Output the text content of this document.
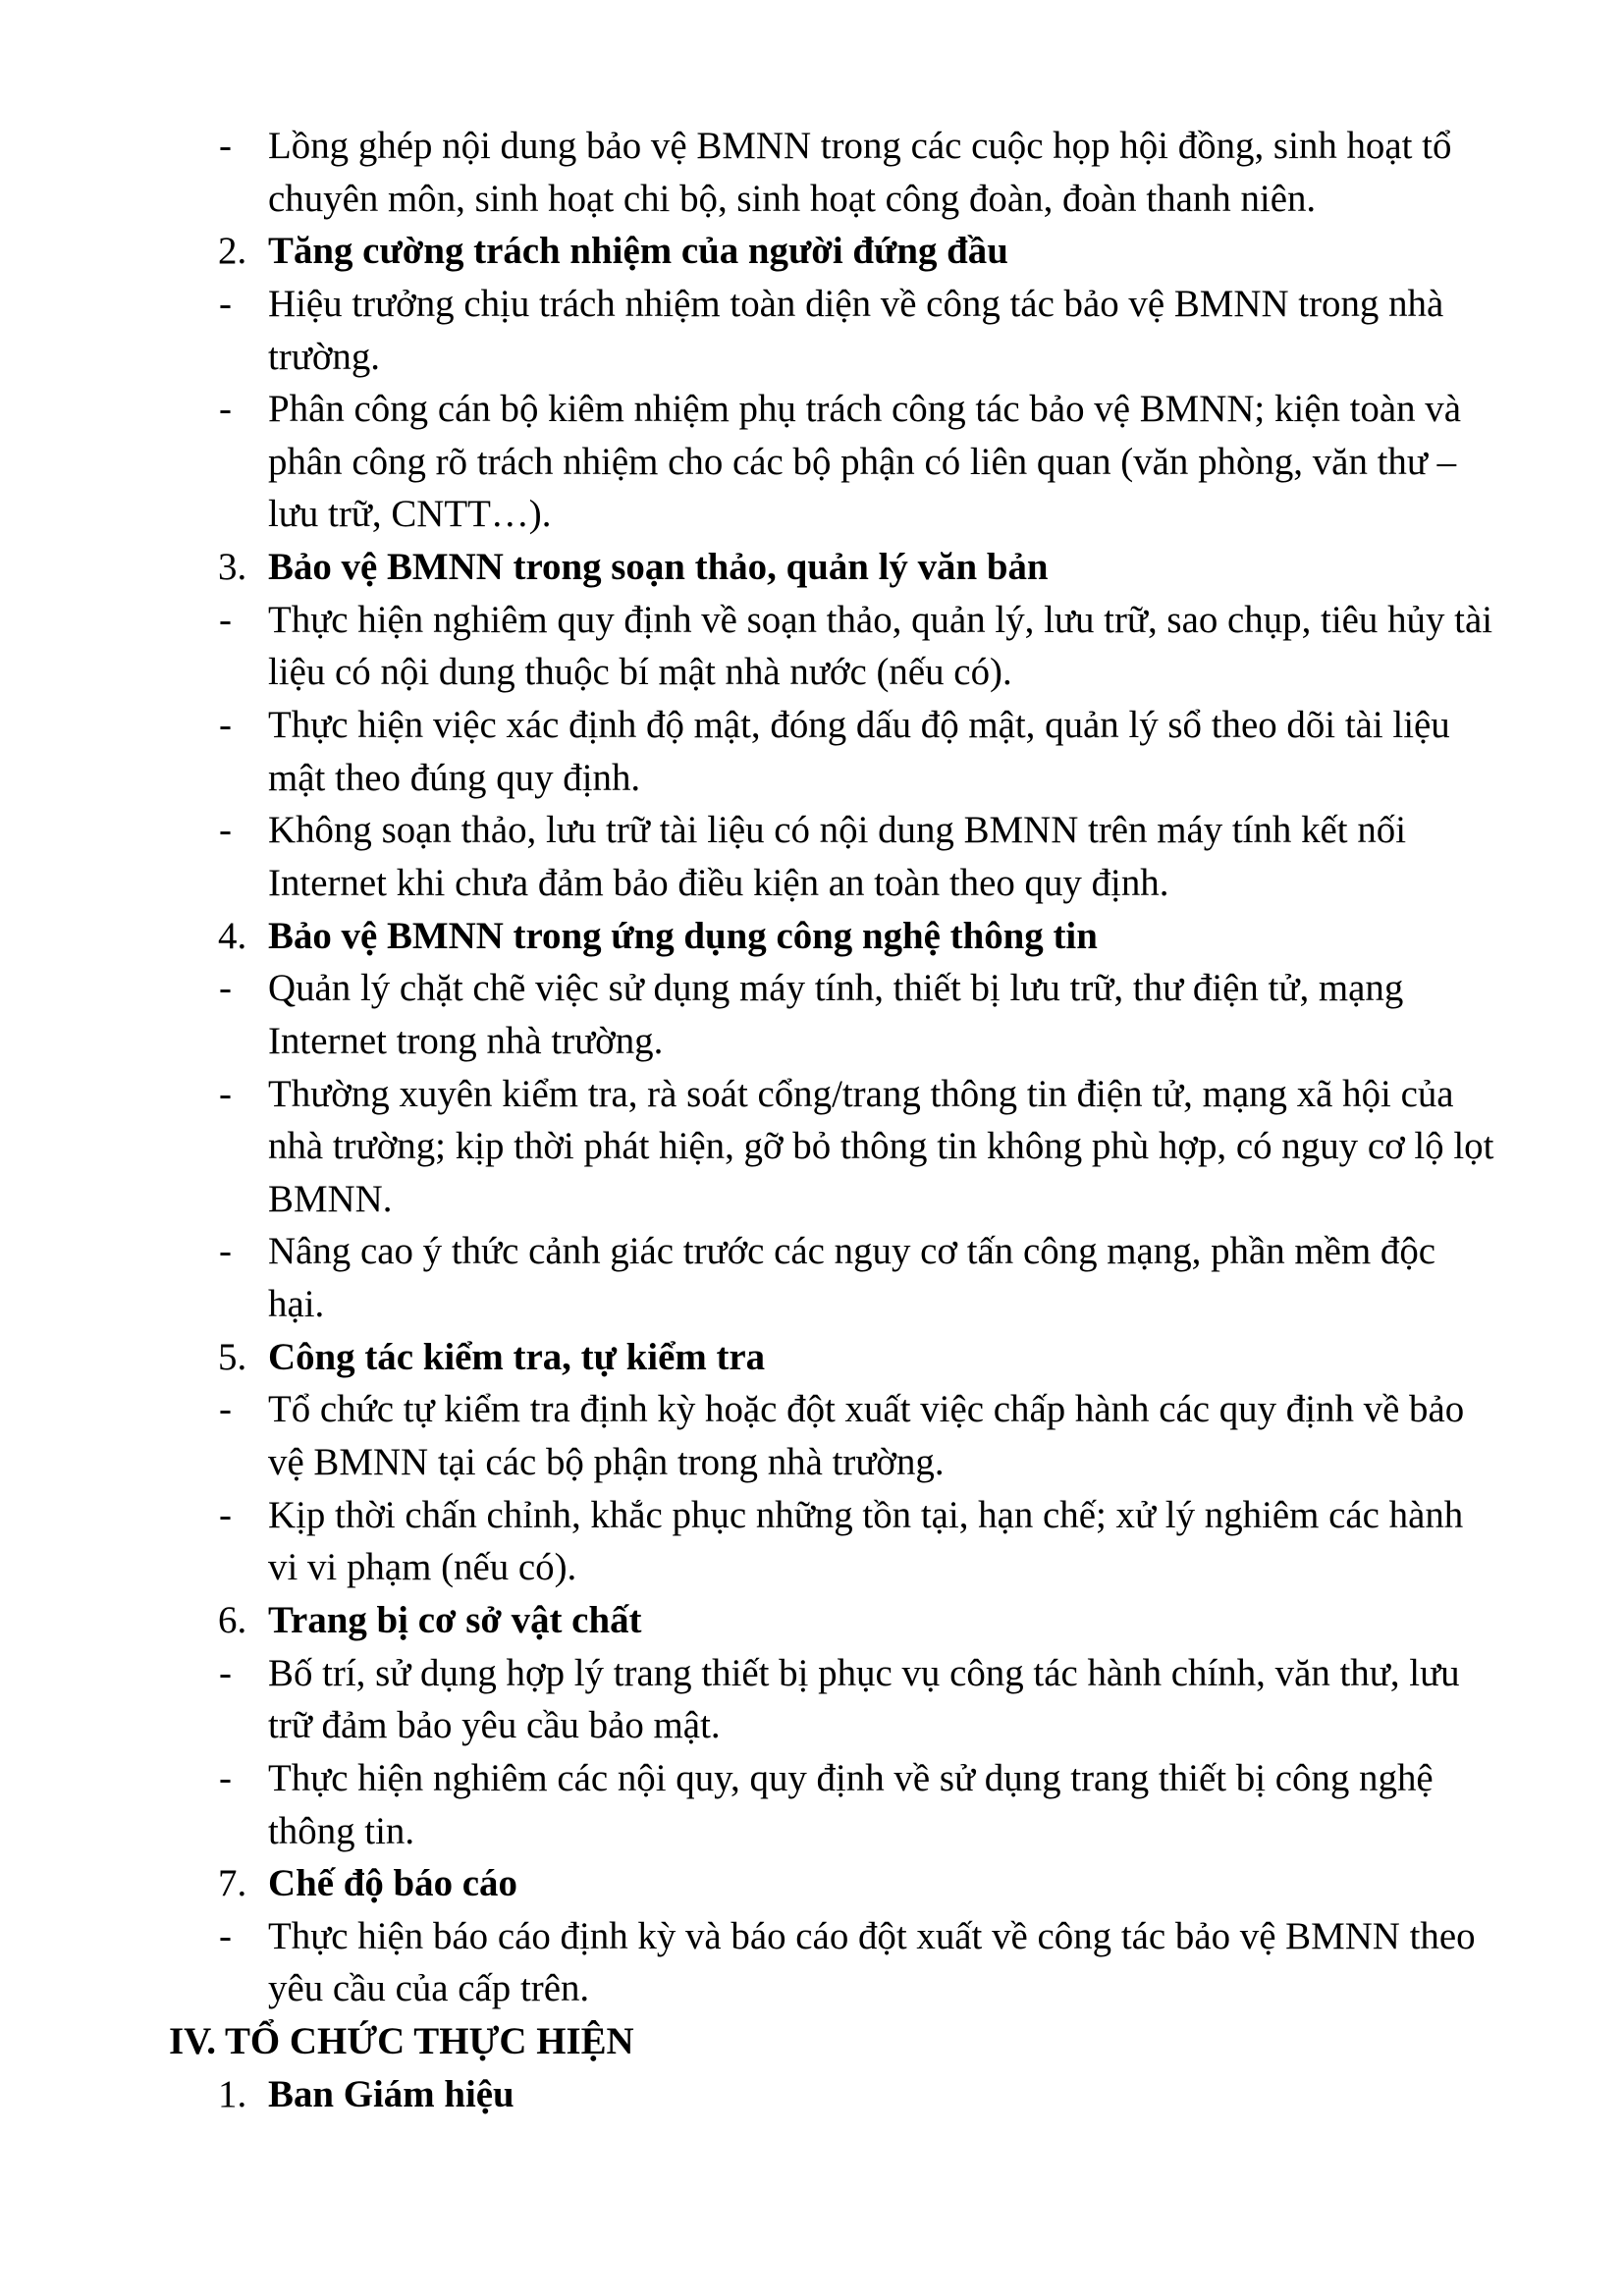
- Lồng ghép nội dung bảo vệ BMNN trong các cuộc họp hội đồng, sinh hoạt tổ
chuyên môn, sinh hoạt chi bộ, sinh hoạt công đoàn, đoàn thanh niên.
2. Tăng cường trách nhiệm của người đứng đầu
- Hiệu trưởng chịu trách nhiệm toàn diện về công tác bảo vệ BMNN trong nhà
trường.
- Phân công cán bộ kiêm nhiệm phụ trách công tác bảo vệ BMNN; kiện toàn và
phân công rõ trách nhiệm cho các bộ phận có liên quan (văn phòng, văn thư –
lưu trữ, CNTT…).
3. Bảo vệ BMNN trong soạn thảo, quản lý văn bản
- Thực hiện nghiêm quy định về soạn thảo, quản lý, lưu trữ, sao chụp, tiêu hủy tài
liệu có nội dung thuộc bí mật nhà nước (nếu có).
- Thực hiện việc xác định độ mật, đóng dấu độ mật, quản lý sổ theo dõi tài liệu
mật theo đúng quy định.
- Không soạn thảo, lưu trữ tài liệu có nội dung BMNN trên máy tính kết nối
Internet khi chưa đảm bảo điều kiện an toàn theo quy định.
4. Bảo vệ BMNN trong ứng dụng công nghệ thông tin
- Quản lý chặt chẽ việc sử dụng máy tính, thiết bị lưu trữ, thư điện tử, mạng
Internet trong nhà trường.
- Thường xuyên kiểm tra, rà soát cổng/trang thông tin điện tử, mạng xã hội của
nhà trường; kịp thời phát hiện, gỡ bỏ thông tin không phù hợp, có nguy cơ lộ lọt
BMNN.
- Nâng cao ý thức cảnh giác trước các nguy cơ tấn công mạng, phần mềm độc
hại.
5. Công tác kiểm tra, tự kiểm tra
- Tổ chức tự kiểm tra định kỳ hoặc đột xuất việc chấp hành các quy định về bảo
vệ BMNN tại các bộ phận trong nhà trường.
- Kịp thời chấn chỉnh, khắc phục những tồn tại, hạn chế; xử lý nghiêm các hành
vi vi phạm (nếu có).
6. Trang bị cơ sở vật chất
- Bố trí, sử dụng hợp lý trang thiết bị phục vụ công tác hành chính, văn thư, lưu
trữ đảm bảo yêu cầu bảo mật.
- Thực hiện nghiêm các nội quy, quy định về sử dụng trang thiết bị công nghệ
thông tin.
7. Chế độ báo cáo
- Thực hiện báo cáo định kỳ và báo cáo đột xuất về công tác bảo vệ BMNN theo
yêu cầu của cấp trên.
IV. TỔ CHỨC THỰC HIỆN
1. Ban Giám hiệu
